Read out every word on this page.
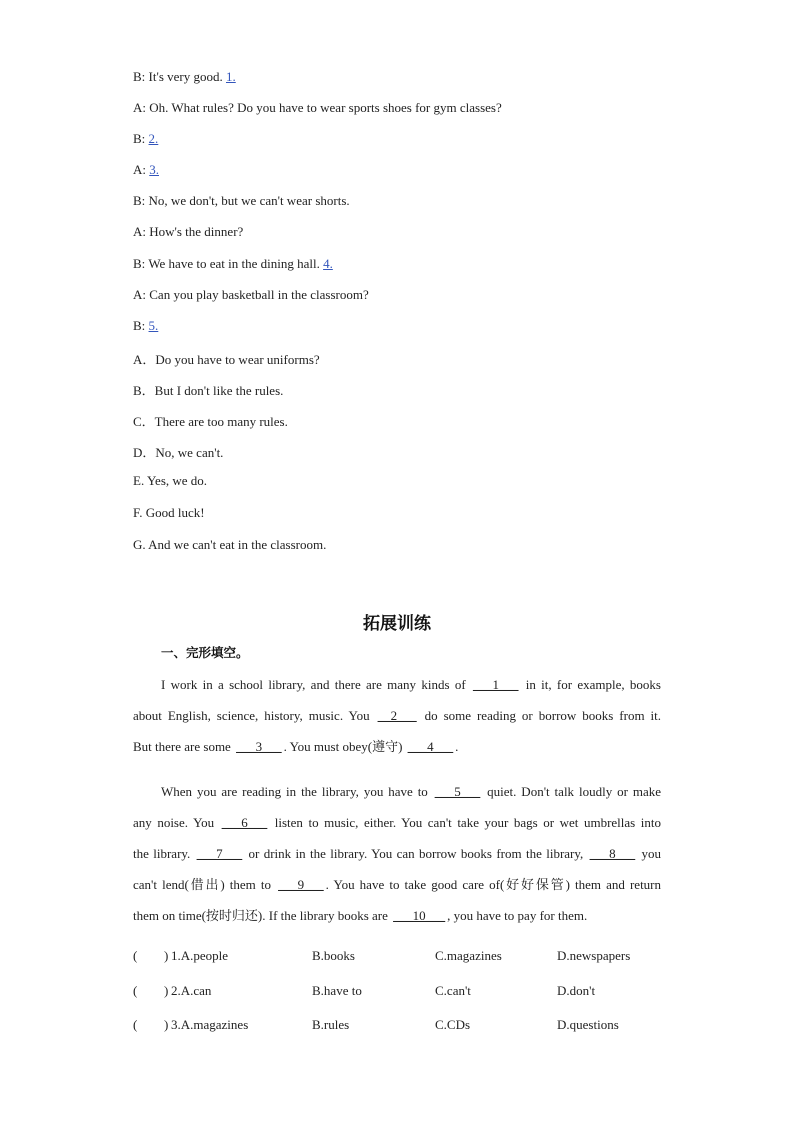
B: It's very good. 1.
A: Oh. What rules? Do you have to wear sports shoes for gym classes?
B: 2.
A: 3.
B: No, we don't, but we can't wear shorts.
A: How's the dinner?
B: We have to eat in the dining hall. 4.
A: Can you play basketball in the classroom?
B: 5.
A．Do you have to wear uniforms?
B．But I don't like the rules.
C．There are too many rules.
D．No, we can't.
E. Yes, we do.
F. Good luck!
G. And we can't eat in the classroom.
拓展训练
一、完形填空。
I work in a school library, and there are many kinds of ___1___ in it, for example, books
about English, science, history, music. You __2___ do some reading or borrow books from it.
But there are some ___3___ . You must obey(遵守) ___4___ .
When you are reading in the library, you have to ___5___ quiet. Don't talk loudly or make
any noise. You ___6___ listen to music, either. You can't take your bags or wet umbrellas into
the library. ___7___ or drink in the library. You can borrow books from the library, ___8___ you
can't lend(借出) them to ___9___ . You have to take good care of(好好保管) them and return
them on time(按时归还). If the library books are ___10___ , you have to pay for them.
( ) 1.A.people	B.books	C.magazines	D.newspapers
( ) 2.A.can	B.have to	C.can't	D.don't
( ) 3.A.magazines	B.rules	C.CDs	D.questions
